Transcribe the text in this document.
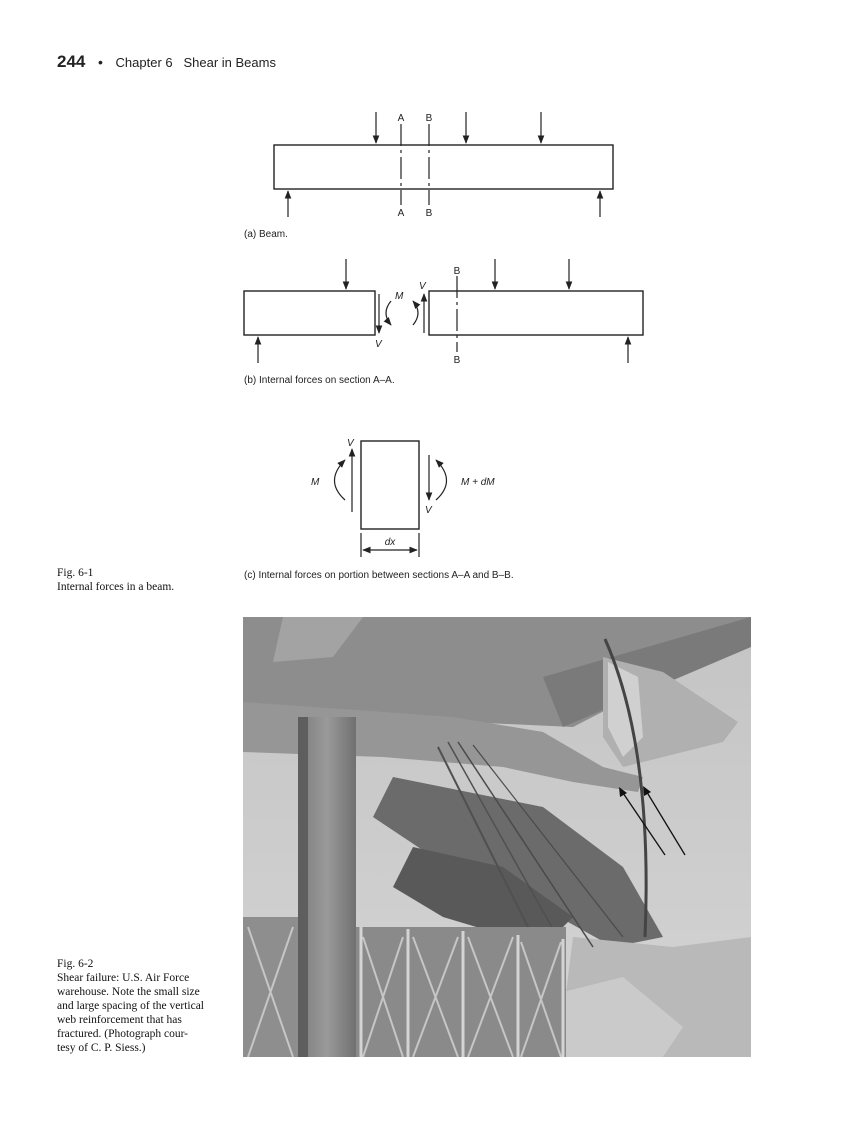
244 • Chapter 6 Shear in Beams
A B
A B
(a) Beam.
M
V
V
B
B
(b) Internal forces on section A–A.
M
V
V
M + dM
dx
(c) Internal forces on portion between sections A–A and B–B.
Fig. 6-1
Internal forces in a beam.
Fig. 6-2
Shear failure: U.S. Air Force
warehouse. Note the small size
and large spacing of the vertical
web reinforcement that has
fractured. (Photograph cour-
tesy of C. P. Siess.)
